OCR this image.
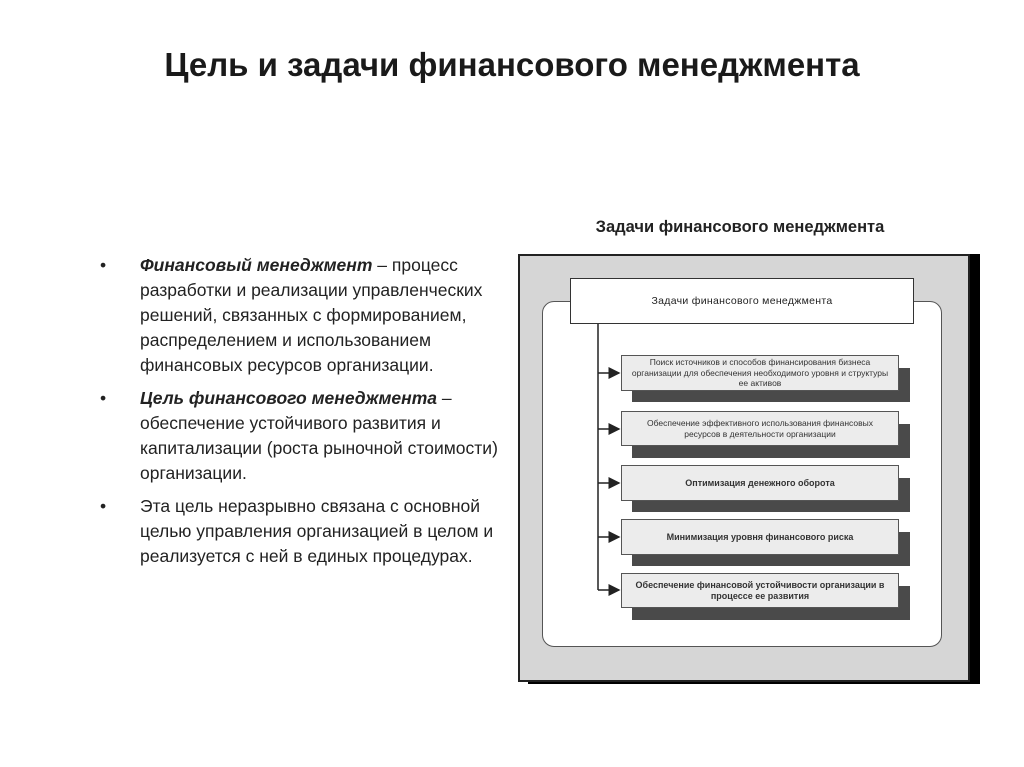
Цель и задачи финансового менеджмента
• Финансовый менеджмент – процесс разработки и реализации управленческих решений, связанных с формированием, распределением и использованием финансовых ресурсов организации.
• Цель финансового менеджмента – обеспечение устойчивого развития и капитализации (роста рыночной стоимости) организации.
• Эта цель неразрывно связана с основной целью управления организацией в целом и реализуется с ней в единых процедурах.
Задачи финансового менеджмента
Задачи финансового менеджмента
Поиск источников и способов финансирования бизнеса организации для обеспечения необходимого уровня и структуры ее активов
Обеспечение эффективного использования финансовых ресурсов в деятельности организации
Оптимизация денежного оборота
Минимизация уровня финансового риска
Обеспечение финансовой устойчивости организации в процессе ее развития
